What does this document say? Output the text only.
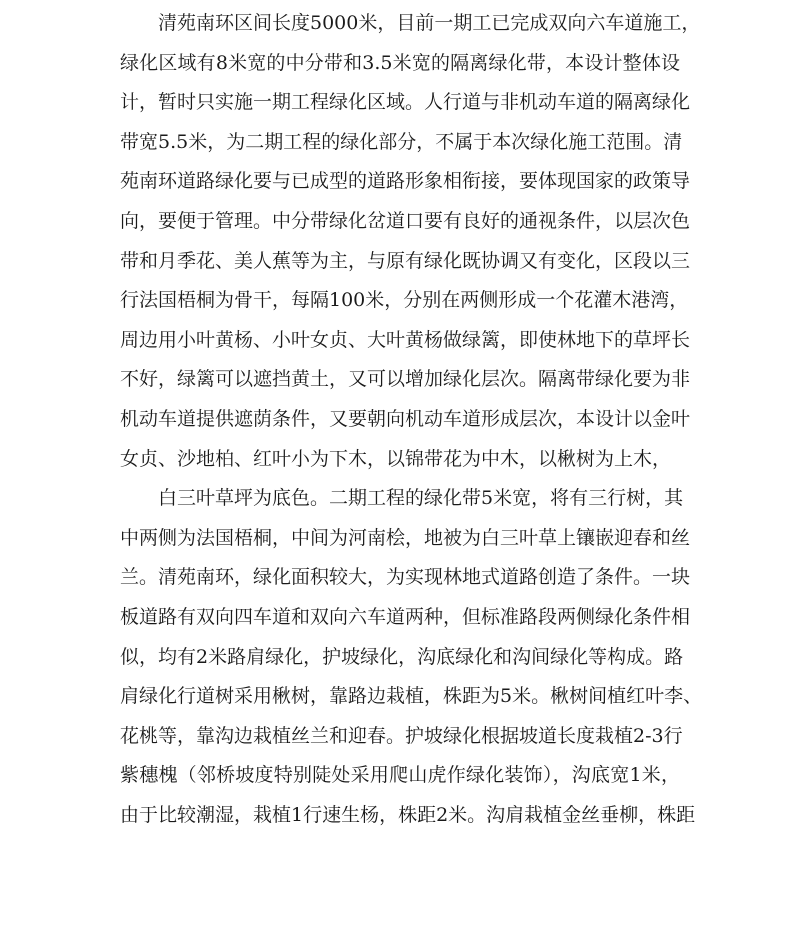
清苑南环区间长度5000米，目前一期工已完成双向六车道施工，
绿化区域有8米宽的中分带和3.5米宽的隔离绿化带，本设计整体设
计，暂时只实施一期工程绿化区域。人行道与非机动车道的隔离绿化
带宽5.5米，为二期工程的绿化部分，不属于本次绿化施工范围。清
苑南环道路绿化要与已成型的道路形象相衔接，要体现国家的政策导
向，要便于管理。中分带绿化岔道口要有良好的通视条件，以层次色
带和月季花、美人蕉等为主，与原有绿化既协调又有变化，区段以三
行法国梧桐为骨干，每隔100米，分别在两侧形成一个花灌木港湾，
周边用小叶黄杨、小叶女贞、大叶黄杨做绿篱，即使林地下的草坪长
不好，绿篱可以遮挡黄土，又可以增加绿化层次。隔离带绿化要为非
机动车道提供遮荫条件，又要朝向机动车道形成层次，本设计以金叶
女贞、沙地柏、红叶小为下木，以锦带花为中木，以楸树为上木，
白三叶草坪为底色。二期工程的绿化带5米宽，将有三行树，其
中两侧为法国梧桐，中间为河南桧，地被为白三叶草上镶嵌迎春和丝
兰。清苑南环，绿化面积较大，为实现林地式道路创造了条件。一块
板道路有双向四车道和双向六车道两种，但标准路段两侧绿化条件相
似，均有2米路肩绿化，护坡绿化，沟底绿化和沟间绿化等构成。路
肩绿化行道树采用楸树，靠路边栽植，株距为5米。楸树间植红叶李、
花桃等，靠沟边栽植丝兰和迎春。护坡绿化根据坡道长度栽植2-3行
紫穗槐（邻桥坡度特别陡处采用爬山虎作绿化装饰），沟底宽1米，
由于比较潮湿，栽植1行速生杨，株距2米。沟肩栽植金丝垂柳，株距
